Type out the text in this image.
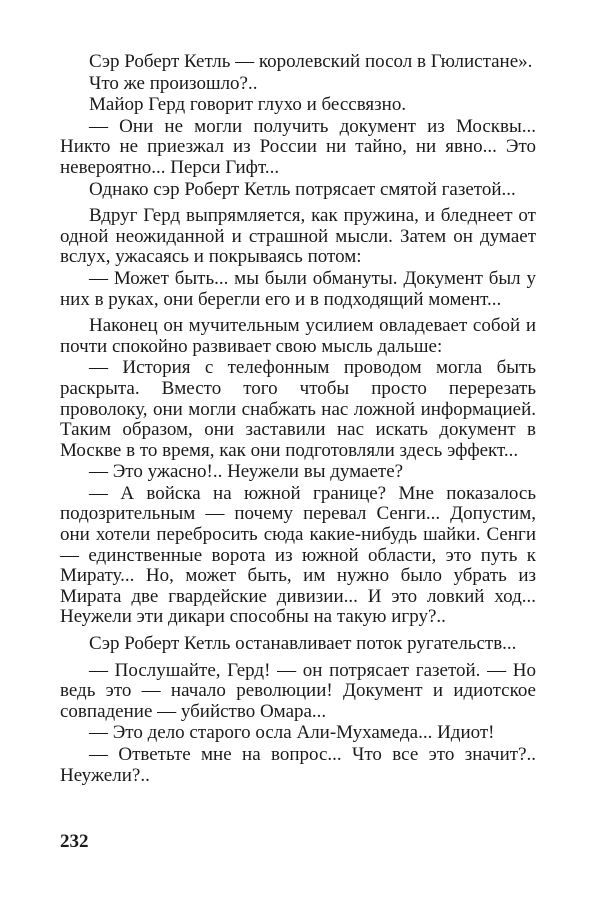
Сэр Роберт Кетль — королевский посол в Гюлистане».

Что же произошло?..

Майор Герд говорит глухо и бессвязно.

— Они не могли получить документ из Москвы... Никто не приезжал из России ни тайно, ни явно... Это невероятно... Перси Гифт...

Однако сэр Роберт Кетль потрясает смятой газетой...

Вдруг Герд выпрямляется, как пружина, и бледнеет от одной неожиданной и страшной мысли. Затем он думает вслух, ужасаясь и покрываясь потом:

— Может быть... мы были обмануты. Документ был у них в руках, они берегли его и в подходящий момент...

Наконец он мучительным усилием овладевает собой и почти спокойно развивает свою мысль дальше:

— История с телефонным проводом могла быть раскрыта. Вместо того чтобы просто перерезать проволоку, они могли снабжать нас ложной информацией. Таким образом, они заставили нас искать документ в Москве в то время, как они подготовляли здесь эффект...

— Это ужасно!.. Неужели вы думаете?

— А войска на южной границе? Мне показалось подозрительным — почему перевал Сенги... Допустим, они хотели перебросить сюда какие-нибудь шайки. Сенги — единственные ворота из южной области, это путь к Мирату... Но, может быть, им нужно было убрать из Мирата две гвардейские дивизии... И это ловкий ход... Неужели эти дикари способны на такую игру?..

Сэр Роберт Кетль останавливает поток ругательств...

— Послушайте, Герд! — он потрясает газетой. — Но ведь это — начало революции! Документ и идиотское совпадение — убийство Омара...

— Это дело старого осла Али-Мухамеда... Идиот!

— Ответьте мне на вопрос... Что все это значит?.. Неужели?..

232
